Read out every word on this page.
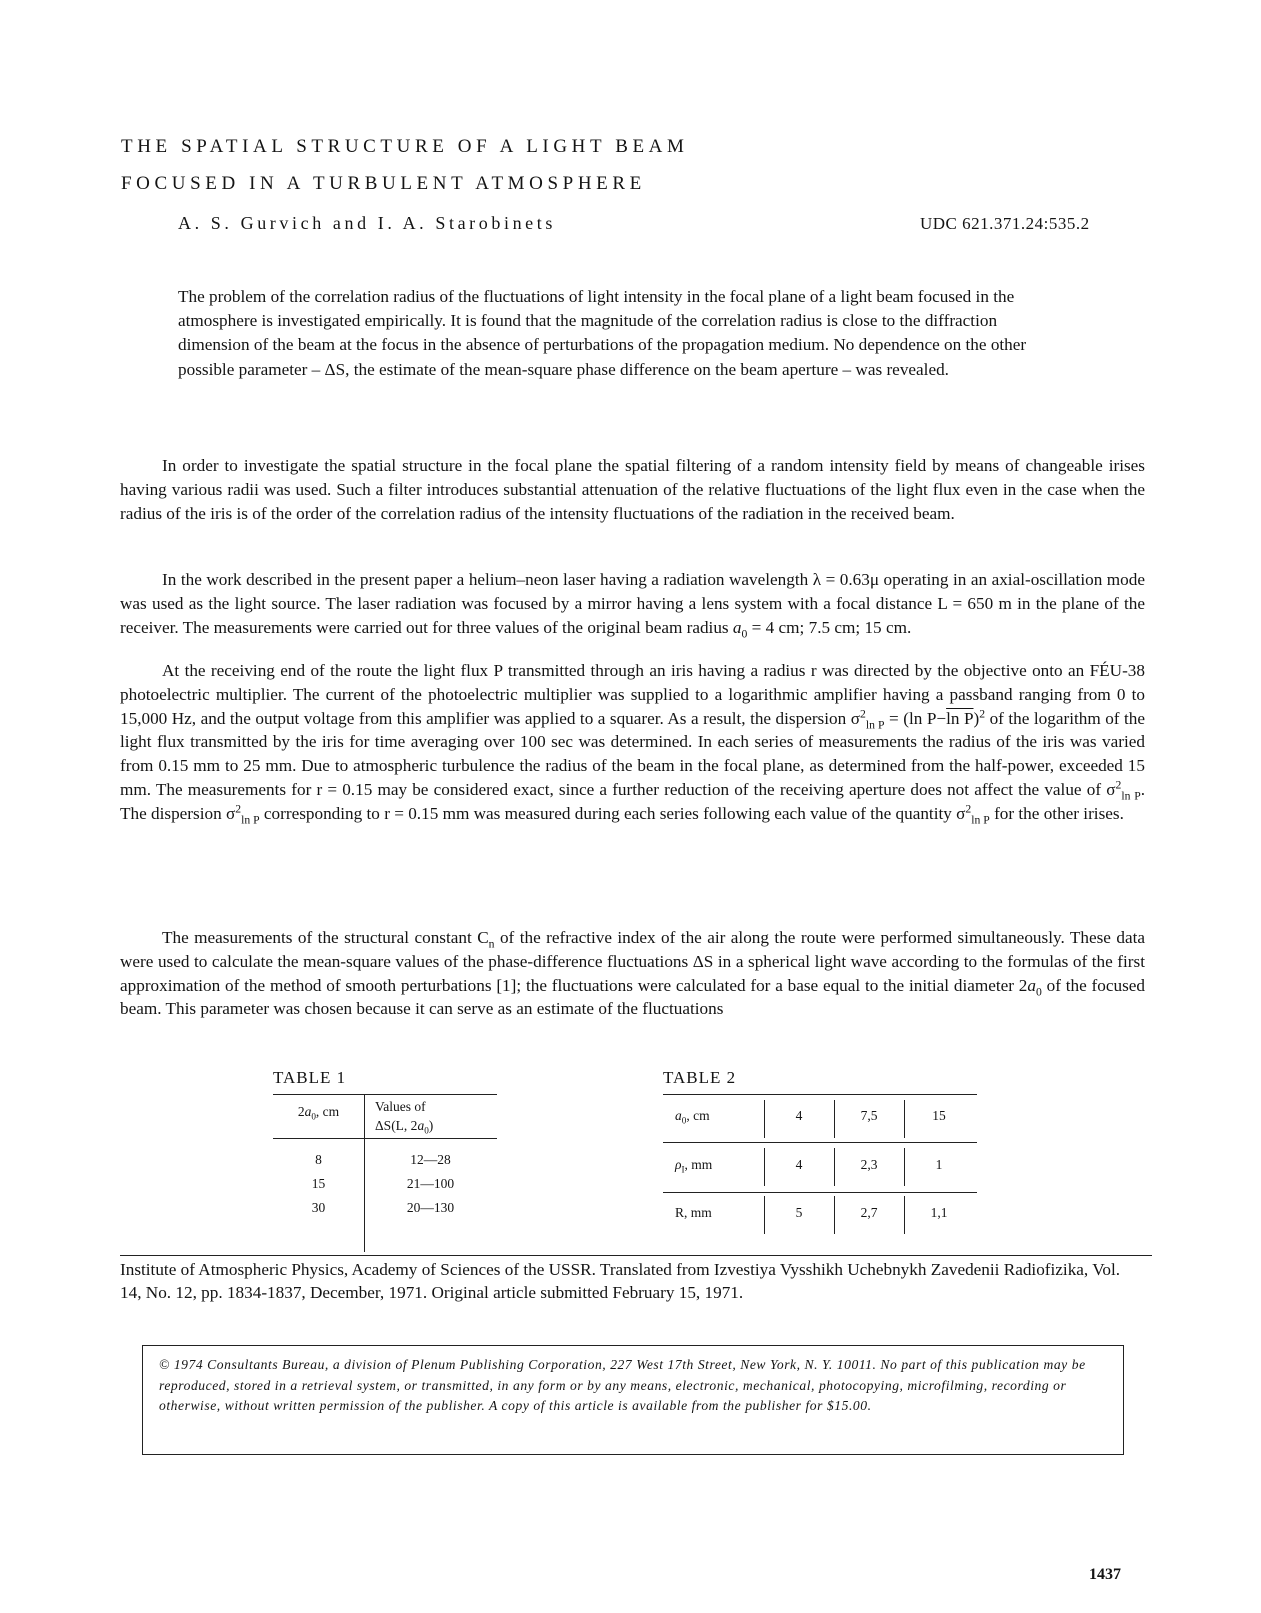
THE SPATIAL STRUCTURE OF A LIGHT BEAM
FOCUSED IN A TURBULENT ATMOSPHERE
A. S. Gurvich and I. A. Starobinets	UDC 621.371.24:535.2
The problem of the correlation radius of the fluctuations of light intensity in the focal plane of a light beam focused in the atmosphere is investigated empirically. It is found that the magnitude of the correlation radius is close to the diffraction dimension of the beam at the focus in the absence of perturbations of the propagation medium. No dependence on the other possible parameter – ΔS, the estimate of the mean-square phase difference on the beam aperture – was revealed.

In order to investigate the spatial structure in the focal plane the spatial filtering of a random intensity field by means of changeable irises having various radii was used. Such a filter introduces substantial attenuation of the relative fluctuations of the light flux even in the case when the radius of the iris is of the order of the correlation radius of the intensity fluctuations of the radiation in the received beam.

In the work described in the present paper a helium–neon laser having a radiation wavelength λ = 0.63μ operating in an axial-oscillation mode was used as the light source. The laser radiation was focused by a mirror having a lens system with a focal distance L = 650 m in the plane of the receiver. The measurements were carried out for three values of the original beam radius $a_0 = 4$ cm; 7.5 cm; 15 cm.

At the receiving end of the route the light flux P transmitted through an iris having a radius r was directed by the objective onto an FÉU-38 photoelectric multiplier. The current of the photoelectric multiplier was supplied to a logarithmic amplifier having a passband ranging from 0 to 15,000 Hz, and the output voltage from this amplifier was applied to a squarer. As a result, the dispersion $\sigma^2_{ln P} = (\ln$ P−ln P)$^2$ of the logarithm of the light flux transmitted by the iris for time averaging over 100 sec was determined. In each series of measurements the radius of the iris was varied from 0.15 mm to 25 mm. Due to atmospheric turbulence the radius of the beam in the focal plane, as determined from the half-power, exceeded 15 mm. The measurements for r = 0.15 may be considered exact, since a further reduction of the receiving aperture does not affect the value of $\sigma^2_{ln P}$. The dispersion $\sigma^2_{ln P}$ corresponding to r = 0.15 mm was measured during each series following each value of the quantity $\sigma^2_{ln P}$ for the other irises.

The measurements of the structural constant $C_n$ of the refractive index of the air along the route were performed simultaneously. These data were used to calculate the mean-square values of the phase-difference fluctuations ΔS in a spherical light wave according to the formulas of the first approximation of the method of smooth perturbations [1]; the fluctuations were calculated for a base equal to the initial diameter $2a_0$ of the focused beam. This parameter was chosen because it can serve as an estimate of the fluctuations

TABLE 1
$2a_0$, cm	Values of
ΔS(L, $2a_0$)
8	12—28
15	21—100
30	20—130
TABLE 2
$a_0$, cm	4	7,5	15
$\rho_I$, mm	4	2,3	1
R, mm	5	2,7	1,1
Institute of Atmospheric Physics, Academy of Sciences of the USSR. Translated from Izvestiya Vysshikh Uchebnykh Zavedenii Radiofizika, Vol. 14, No. 12, pp. 1834-1837, December, 1971. Original article submitted February 15, 1971.
© 1974 Consultants Bureau, a division of Plenum Publishing Corporation, 227 West 17th Street, New York, N. Y. 10011. No part of this publication may be reproduced, stored in a retrieval system, or transmitted, in any form or by any means, electronic, mechanical, photocopying, microfilming, recording or otherwise, without written permission of the publisher. A copy of this article is available from the publisher for $15.00.
1437
